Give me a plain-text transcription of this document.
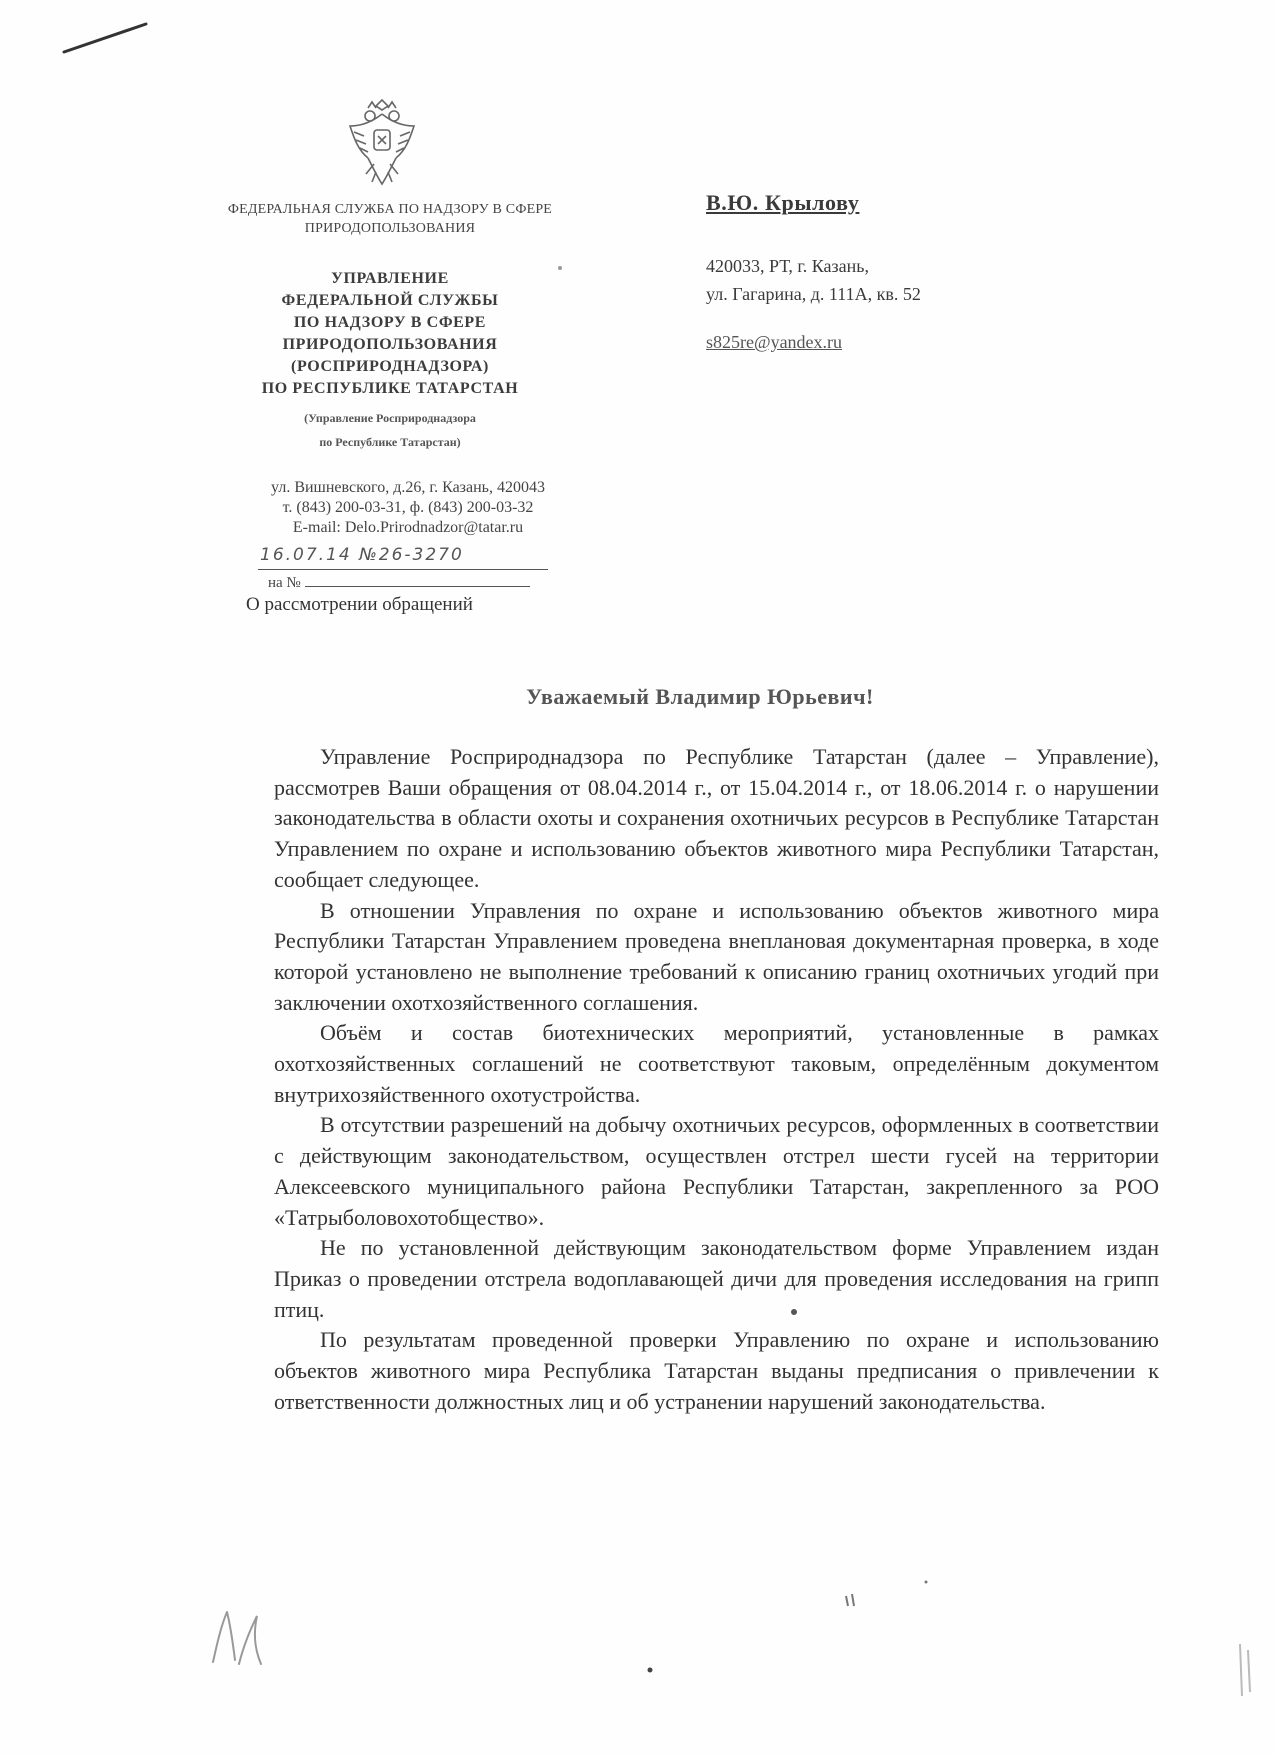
ФЕДЕРАЛЬНАЯ СЛУЖБА ПО НАДЗОРУ В СФЕРЕ
ПРИРОДОПОЛЬЗОВАНИЯ
УПРАВЛЕНИЕ
ФЕДЕРАЛЬНОЙ СЛУЖБЫ
ПО НАДЗОРУ В СФЕРЕ
ПРИРОДОПОЛЬЗОВАНИЯ
(РОСПРИРОДНАДЗОРА)
ПО РЕСПУБЛИКЕ ТАТАРСТАН
(Управление Росприроднадзора
по Республике Татарстан)
ул. Вишневского, д.26, г. Казань, 420043
т. (843) 200-03-31, ф. (843) 200-03-32
E-mail: Delo.Prirodnadzor@tatar.ru
16.07.14 №26-3270
на №
О рассмотрении обращений
В.Ю. Крылову
420033, РТ, г. Казань,
ул. Гагарина, д. 111А, кв. 52
s825re@yandex.ru
Уважаемый Владимир Юрьевич!

Управление Росприроднадзора по Республике Татарстан (далее – Управление), рассмотрев Ваши обращения от 08.04.2014 г., от 15.04.2014 г., от 18.06.2014 г. о нарушении законодательства в области охоты и сохранения охотничьих ресурсов в Республике Татарстан Управлением по охране и использованию объектов животного мира Республики Татарстан, сообщает следующее.

В отношении Управления по охране и использованию объектов животного мира Республики Татарстан Управлением проведена внеплановая документарная проверка, в ходе которой установлено не выполнение требований к описанию границ охотничьих угодий при заключении охотхозяйственного соглашения.

Объём и состав биотехнических мероприятий, установленные в рамках охотхозяйственных соглашений не соответствуют таковым, определённым документом внутрихозяйственного охотустройства.

В отсутствии разрешений на добычу охотничьих ресурсов, оформленных в соответствии с действующим законодательством, осуществлен отстрел шести гусей на территории Алексеевского муниципального района Республики Татарстан, закрепленного за РОО «Татрыболовохотобщество».

Не по установленной действующим законодательством форме Управлением издан Приказ о проведении отстрела водоплавающей дичи для проведения исследования на грипп птиц.

По результатам проведенной проверки Управлению по охране и использованию объектов животного мира Республика Татарстан выданы предписания о привлечении к ответственности должностных лиц и об устранении нарушений законодательства.
